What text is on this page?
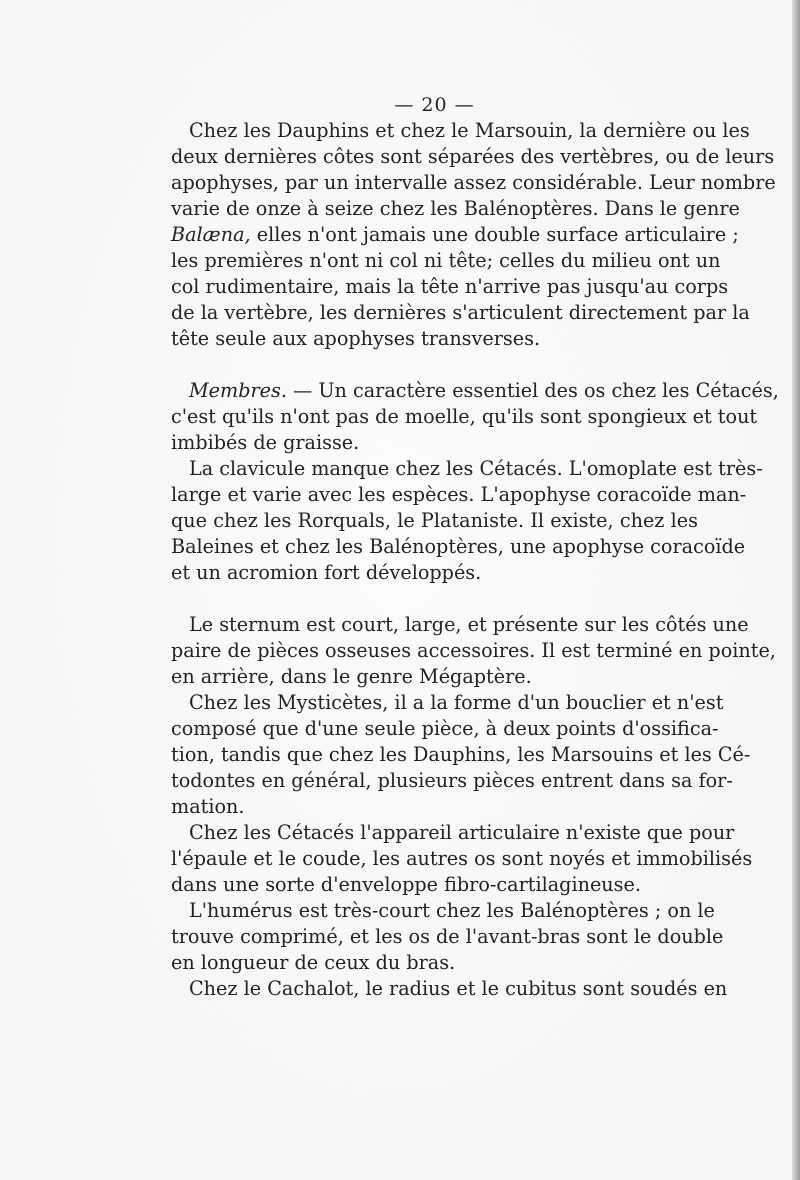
— 20 —

Chez les Dauphins et chez le Marsouin, la dernière ou les

deux dernières côtes sont séparées des vertèbres, ou de leurs

apophyses, par un intervalle assez considérable. Leur nombre

varie de onze à seize chez les Balénoptères. Dans le genre

Balæna, elles n'ont jamais une double surface articulaire ;

les premières n'ont ni col ni tête; celles du milieu ont un

col rudimentaire, mais la tête n'arrive pas jusqu'au corps

de la vertèbre, les dernières s'articulent directement par la

tête seule aux apophyses transverses.

Membres. — Un caractère essentiel des os chez les Cétacés,

c'est qu'ils n'ont pas de moelle, qu'ils sont spongieux et tout

imbibés de graisse.

La clavicule manque chez les Cétacés. L'omoplate est très-

large et varie avec les espèces. L'apophyse coracoïde man-

que chez les Rorquals, le Plataniste. Il existe, chez les

Baleines et chez les Balénoptères, une apophyse coracoïde

et un acromion fort développés.

Le sternum est court, large, et présente sur les côtés une

paire de pièces osseuses accessoires. Il est terminé en pointe,

en arrière, dans le genre Mégaptère.

Chez les Mysticètes, il a la forme d'un bouclier et n'est

composé que d'une seule pièce, à deux points d'ossifica-

tion, tandis que chez les Dauphins, les Marsouins et les Cé-

todontes en général, plusieurs pièces entrent dans sa for-

mation.

Chez les Cétacés l'appareil articulaire n'existe que pour

l'épaule et le coude, les autres os sont noyés et immobilisés

dans une sorte d'enveloppe fibro-cartilagineuse.

L'humérus est très-court chez les Balénoptères ; on le

trouve comprimé, et les os de l'avant-bras sont le double

en longueur de ceux du bras.

Chez le Cachalot, le radius et le cubitus sont soudés en
